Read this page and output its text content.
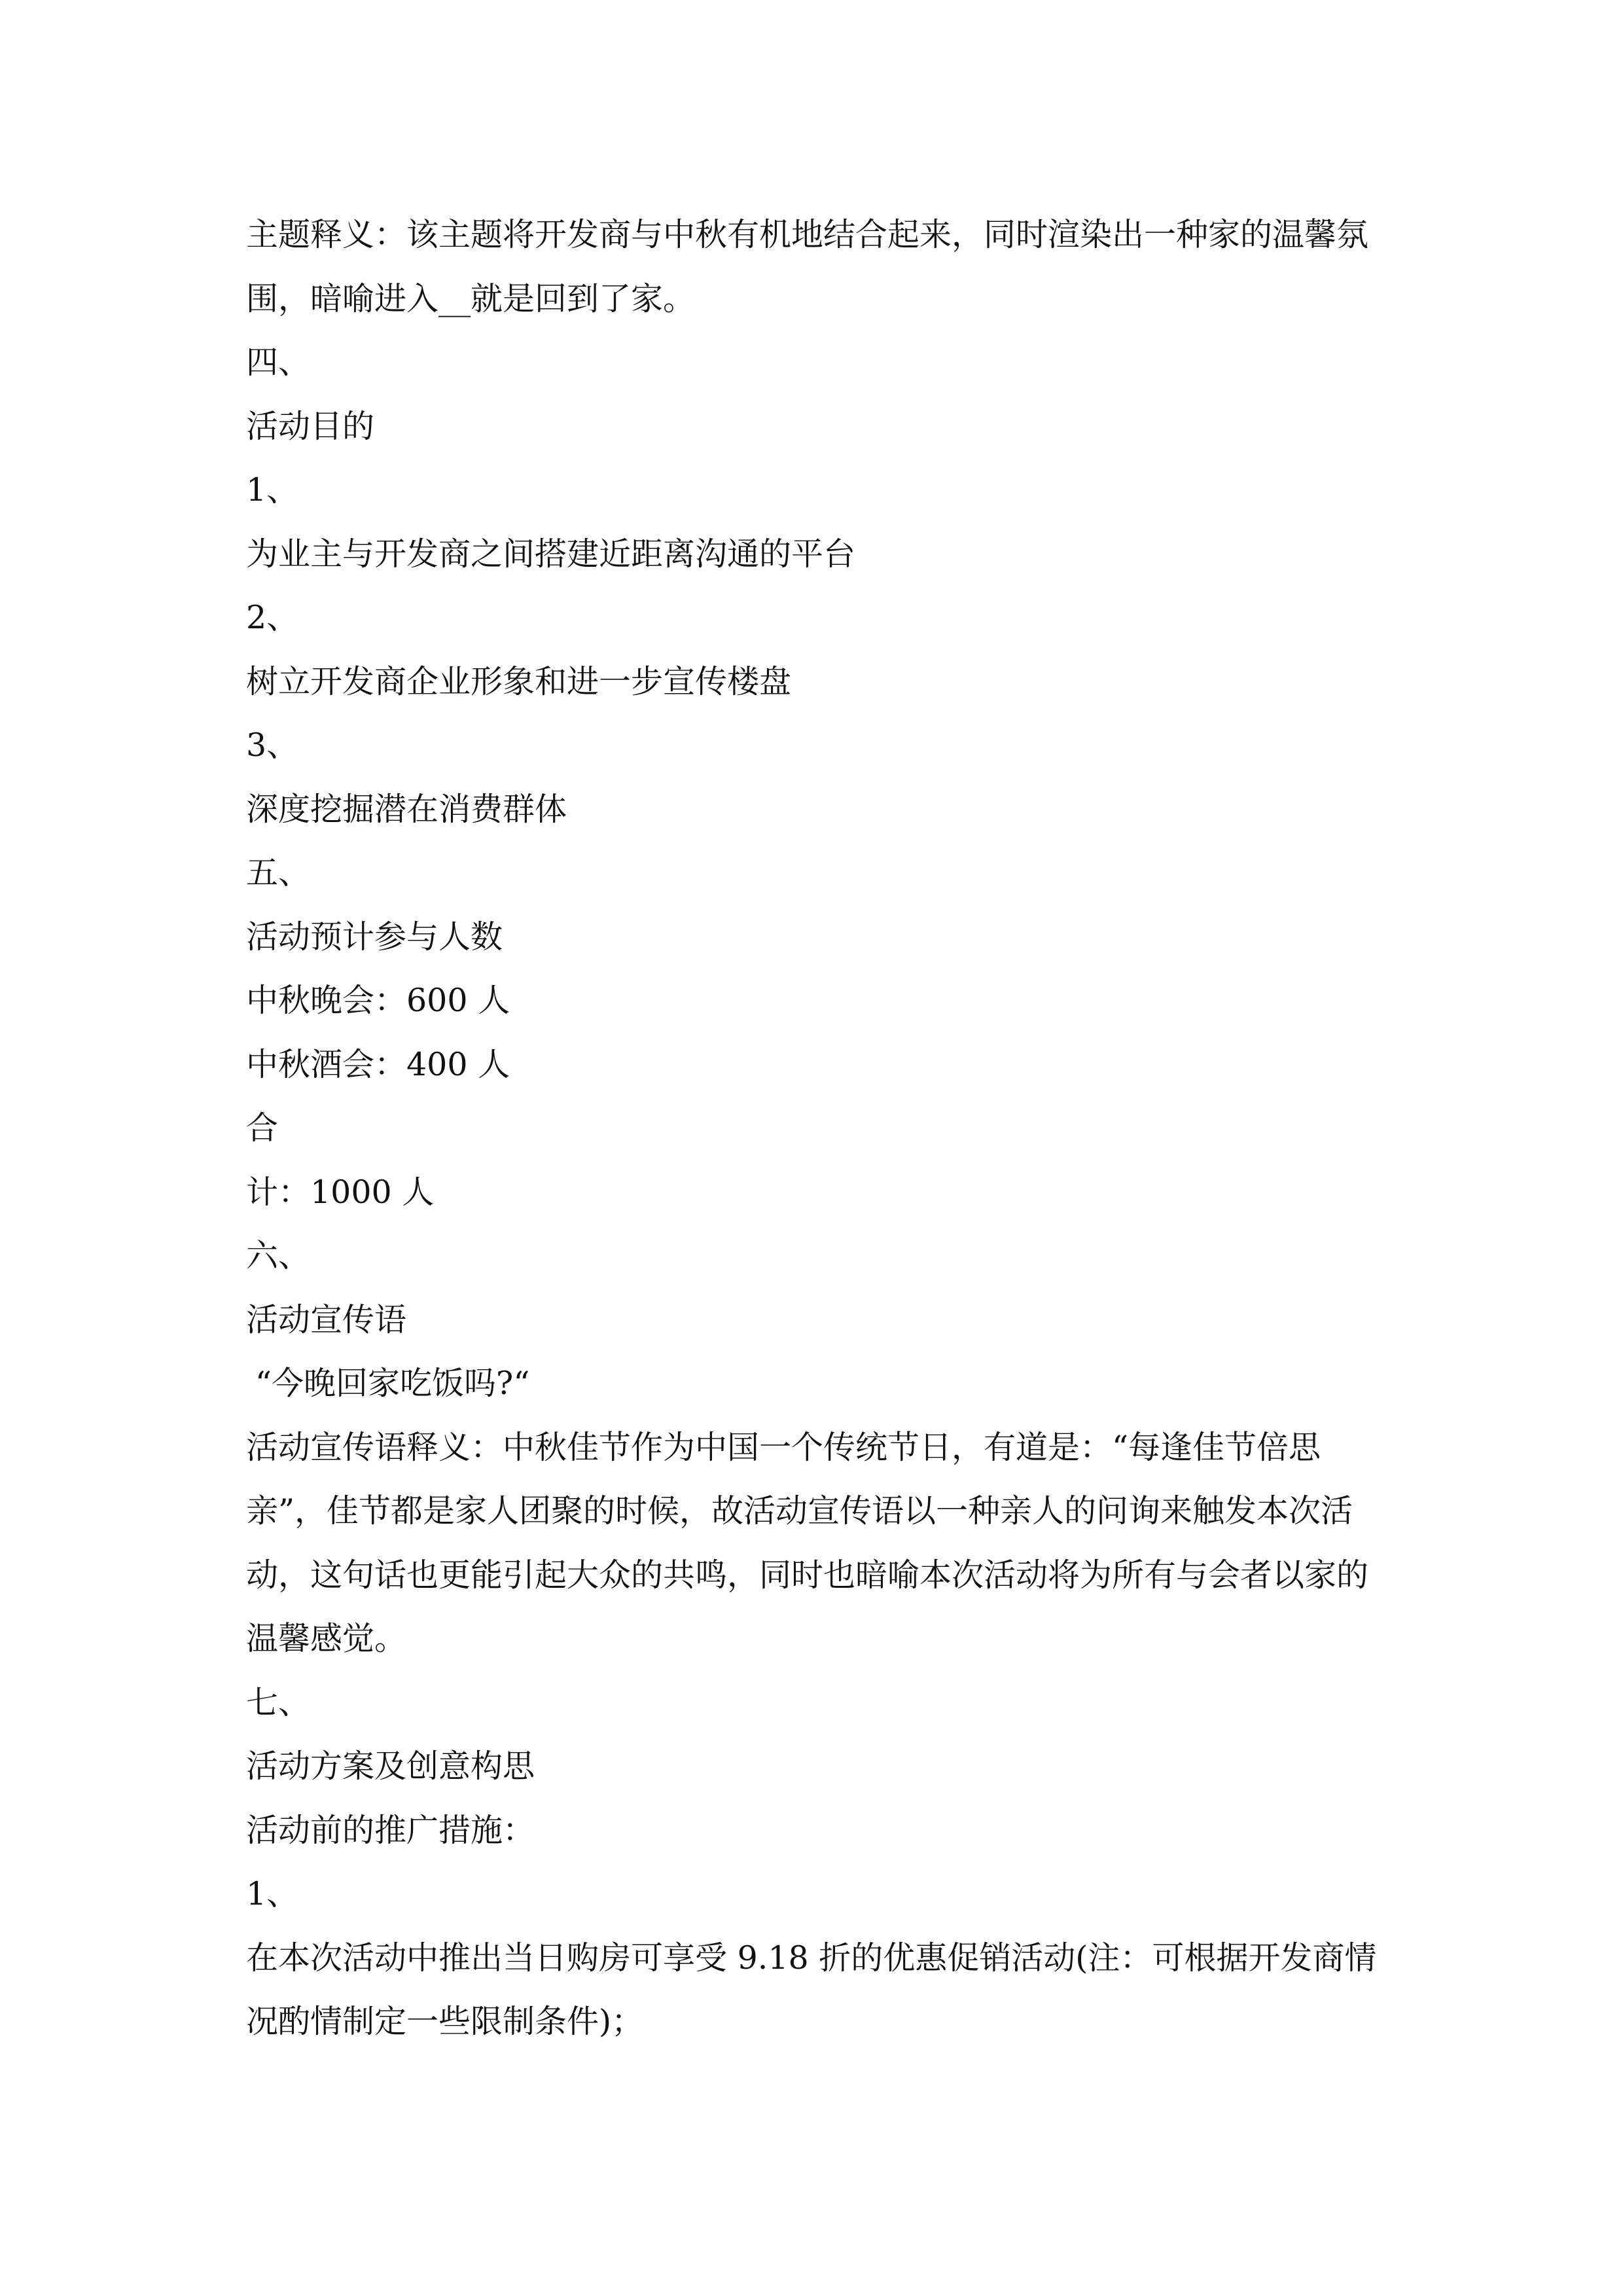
主题释义：该主题将开发商与中秋有机地结合起来，同时渲染出一种家的温馨氛
围，暗喻进入__就是回到了家。
四、
活动目的
1、
为业主与开发商之间搭建近距离沟通的平台
2、
树立开发商企业形象和进一步宣传楼盘
3、
深度挖掘潜在消费群体
五、
活动预计参与人数
中秋晚会：600 人
中秋酒会：400 人
合
计：1000 人
六、
活动宣传语
“今晚回家吃饭吗?“
活动宣传语释义：中秋佳节作为中国一个传统节日，有道是：“每逢佳节倍思
亲”，佳节都是家人团聚的时候，故活动宣传语以一种亲人的问询来触发本次活
动，这句话也更能引起大众的共鸣，同时也暗喻本次活动将为所有与会者以家的
温馨感觉。
七、
活动方案及创意构思
活动前的推广措施：
1、
在本次活动中推出当日购房可享受 9.18 折的优惠促销活动(注：可根据开发商情
况酌情制定一些限制条件)；
